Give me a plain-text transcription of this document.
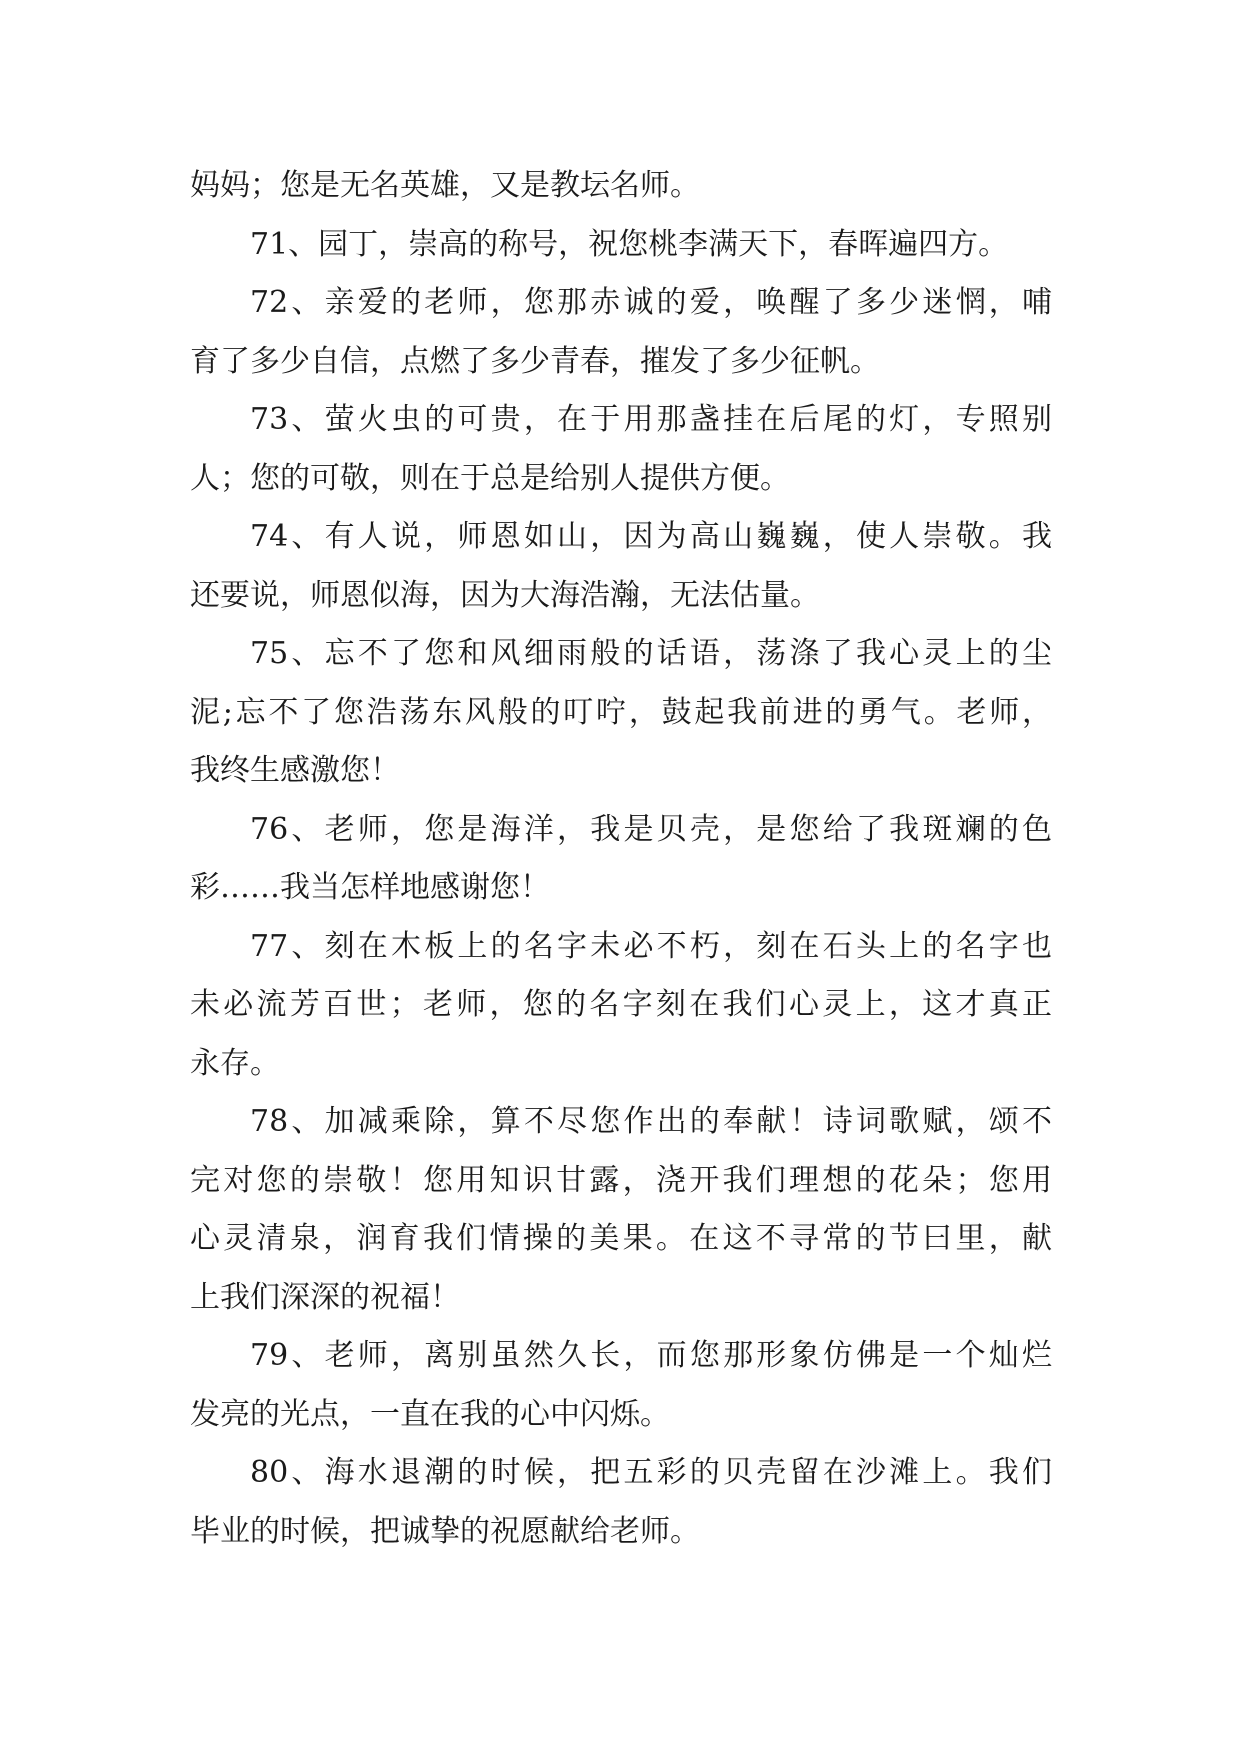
妈妈；您是无名英雄，又是教坛名师。
71、园丁，崇高的称号，祝您桃李满天下，春晖遍四方。
72、亲爱的老师，您那赤诚的爱，唤醒了多少迷惘，哺
育了多少自信，点燃了多少青春，摧发了多少征帆。
73、萤火虫的可贵，在于用那盏挂在后尾的灯，专照别
人；您的可敬，则在于总是给别人提供方便。
74、有人说，师恩如山，因为高山巍巍，使人崇敬。我
还要说，师恩似海，因为大海浩瀚，无法估量。
75、忘不了您和风细雨般的话语，荡涤了我心灵上的尘
泥;忘不了您浩荡东风般的叮咛，鼓起我前进的勇气。老师，
我终生感激您！
76、老师，您是海洋，我是贝壳，是您给了我斑斓的色
彩……我当怎样地感谢您！
77、刻在木板上的名字未必不朽，刻在石头上的名字也
未必流芳百世；老师，您的名字刻在我们心灵上，这才真正
永存。
78、加减乘除，算不尽您作出的奉献！诗词歌赋，颂不
完对您的崇敬！您用知识甘露，浇开我们理想的花朵；您用
心灵清泉，润育我们情操的美果。在这不寻常的节曰里，献
上我们深深的祝福！
79、老师，离别虽然久长，而您那形象仿佛是一个灿烂
发亮的光点，一直在我的心中闪烁。
80、海水退潮的时候，把五彩的贝壳留在沙滩上。我们
毕业的时候，把诚挚的祝愿献给老师。
